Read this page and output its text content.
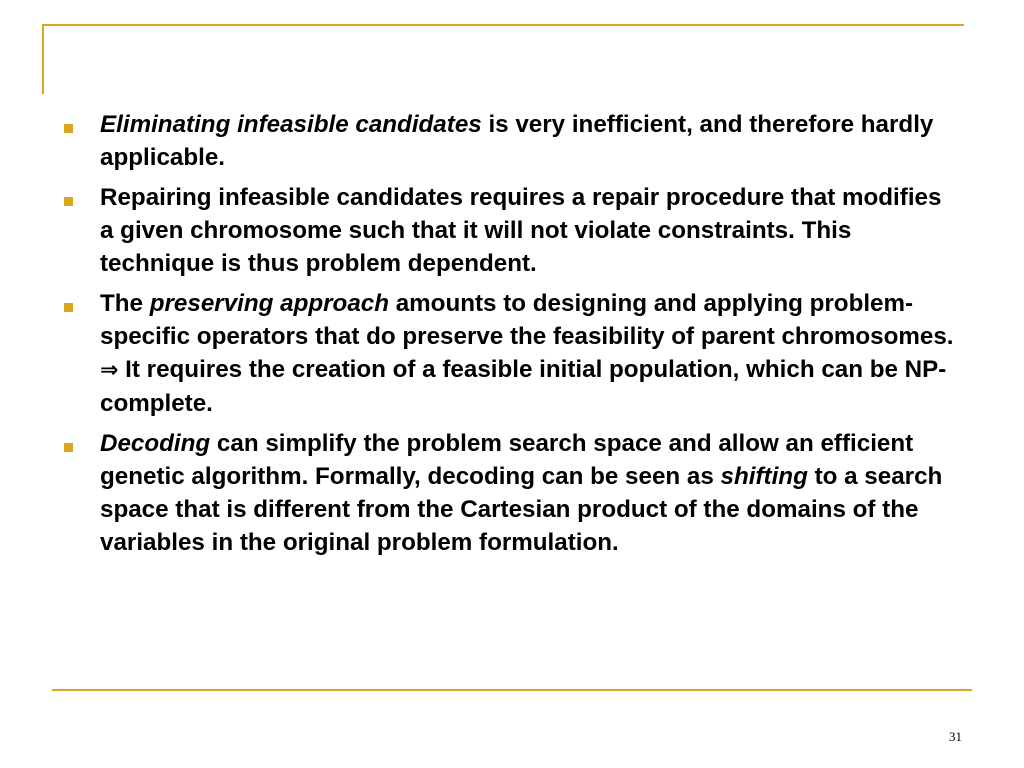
Eliminating infeasible candidates is very inefficient, and therefore hardly applicable.
Repairing infeasible candidates requires a repair procedure that modifies a given chromosome such that it will not violate constraints. This technique is thus problem dependent.
The preserving approach amounts to designing and applying problem-specific operators that do preserve the feasibility of parent chromosomes. ⇒ It requires the creation of a feasible initial population, which can be NP-complete.
Decoding can simplify the problem search space and allow an efficient genetic algorithm. Formally, decoding can be seen as shifting to a search space that is different from the Cartesian product of the domains of the variables in the original problem formulation.
31
